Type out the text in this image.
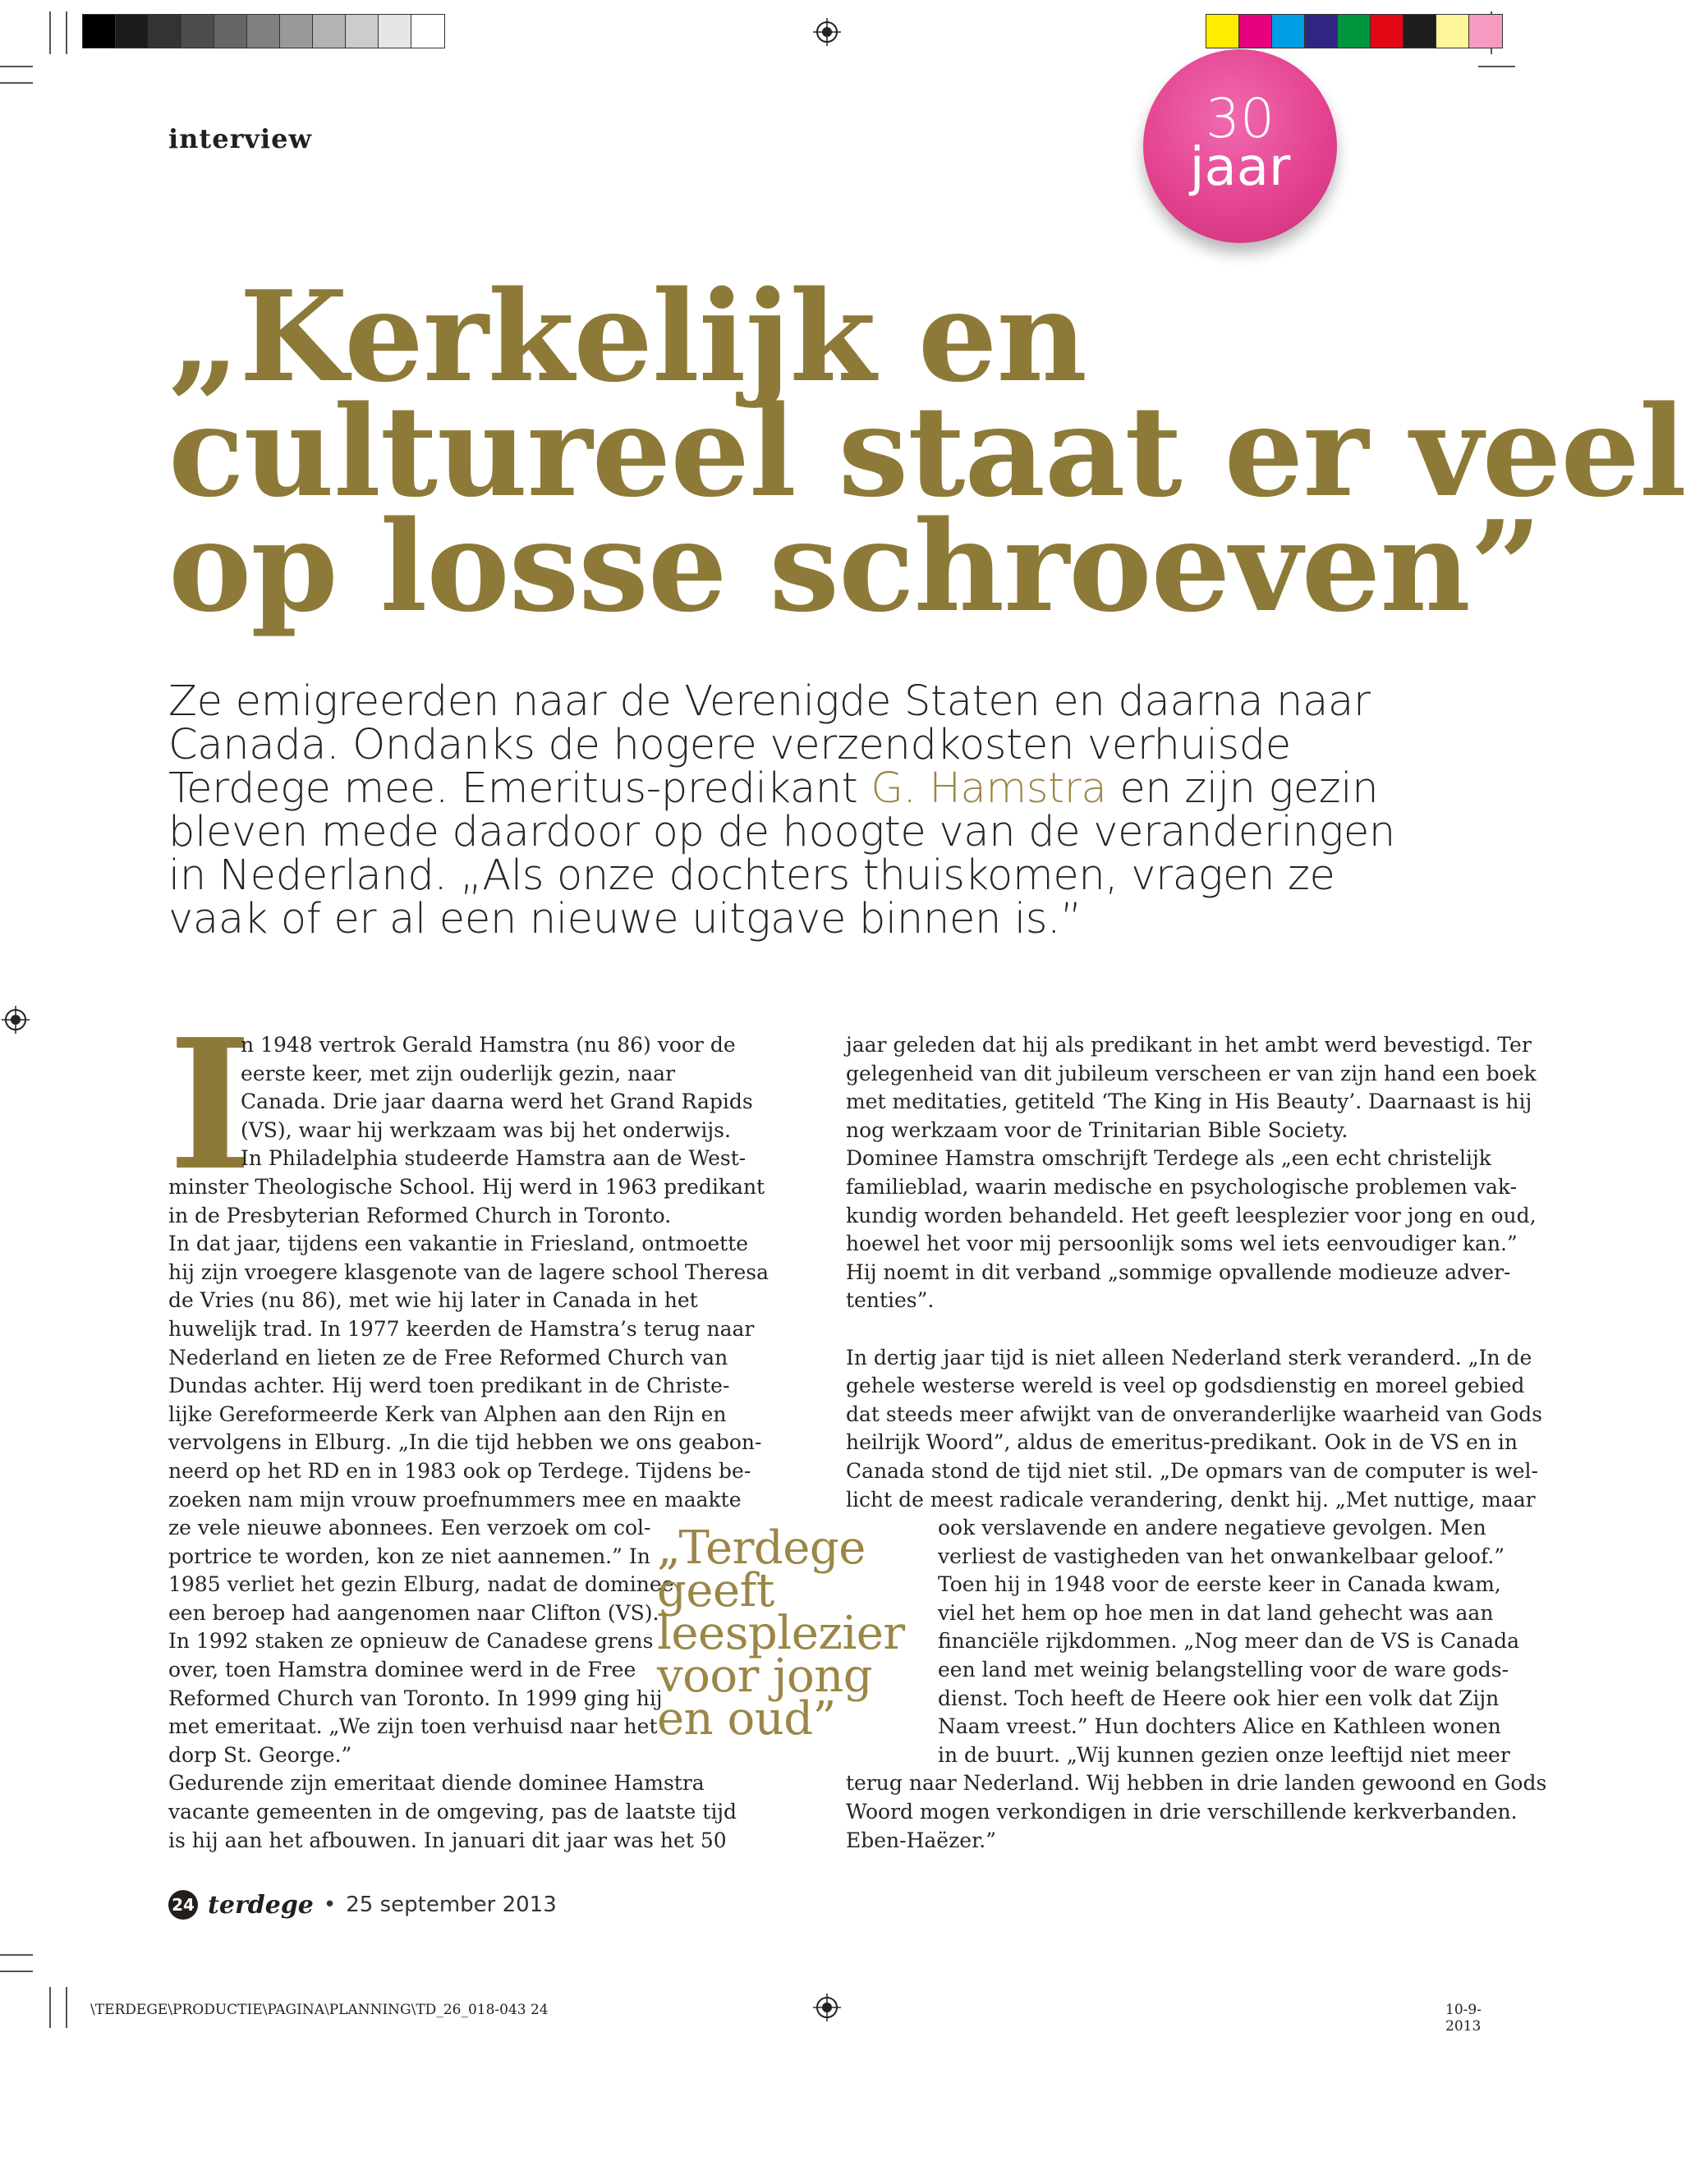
interview	30
jaar
„Kerkelijk en
cultureel staat er veel
op losse schroeven”
Ze emigreerden naar de Verenigde Staten en daarna naar
Canada. Ondanks de hogere verzendkosten verhuisde
Terdege mee. Emeritus-predikant G. Hamstra en zijn gezin
bleven mede daardoor op de hoogte van de veranderingen
in Nederland. „Als onze dochters thuiskomen, vragen ze
vaak of er al een nieuwe uitgave binnen is.”
I
n 1948 vertrok Gerald Hamstra (nu 86) voor de
eerste keer, met zijn ouderlijk gezin, naar
Canada. Drie jaar daarna werd het Grand Rapids
(VS), waar hij werkzaam was bij het onderwijs.
In Philadelphia studeerde Hamstra aan de West-
minster Theologische School. Hij werd in 1963 predikant
in de Presbyterian Reformed Church in Toronto.
In dat jaar, tijdens een vakantie in Friesland, ontmoette
hij zijn vroegere klasgenote van de lagere school Theresa
de Vries (nu 86), met wie hij later in Canada in het
huwelijk trad. In 1977 keerden de Hamstra’s terug naar
Nederland en lieten ze de Free Reformed Church van
Dundas achter. Hij werd toen predikant in de Christe-
lijke Gereformeerde Kerk van Alphen aan den Rijn en
vervolgens in Elburg. „In die tijd hebben we ons geabon-
neerd op het RD en in 1983 ook op Terdege. Tijdens be-
zoeken nam mijn vrouw proefnummers mee en maakte
ze vele nieuwe abonnees. Een verzoek om col-
portrice te worden, kon ze niet aannemen.” In
1985 verliet het gezin Elburg, nadat de dominee
een beroep had aangenomen naar Clifton (VS).
In 1992 staken ze opnieuw de Canadese grens
over, toen Hamstra dominee werd in de Free
Reformed Church van Toronto. In 1999 ging hij
met emeritaat. „We zijn toen verhuisd naar het
dorp St. George.”
Gedurende zijn emeritaat diende dominee Hamstra
vacante gemeenten in de omgeving, pas de laatste tijd
is hij aan het afbouwen. In januari dit jaar was het 50
jaar geleden dat hij als predikant in het ambt werd bevestigd. Ter
gelegenheid van dit jubileum verscheen er van zijn hand een boek
met meditaties, getiteld ‘The King in His Beauty’. Daarnaast is hij
nog werkzaam voor de Trinitarian Bible Society.
Dominee Hamstra omschrijft Terdege als „een echt christelijk
familieblad, waarin medische en psychologische problemen vak-
kundig worden behandeld. Het geeft leesplezier voor jong en oud,
hoewel het voor mij persoonlijk soms wel iets eenvoudiger kan.”
Hij noemt in dit verband „sommige opvallende modieuze adver-
tenties”.
In dertig jaar tijd is niet alleen Nederland sterk veranderd. „In de
gehele westerse wereld is veel op godsdienstig en moreel gebied
dat steeds meer afwijkt van de onveranderlijke waarheid van Gods
heilrijk Woord”, aldus de emeritus-predikant. Ook in de VS en in
Canada stond de tijd niet stil. „De opmars van de computer is wel-
licht de meest radicale verandering, denkt hij. „Met nuttige, maar
ook verslavende en andere negatieve gevolgen. Men
verliest de vastigheden van het onwankelbaar geloof.”
Toen hij in 1948 voor de eerste keer in Canada kwam,
viel het hem op hoe men in dat land gehecht was aan
financiële rijkdommen. „Nog meer dan de VS is Canada
een land met weinig belangstelling voor de ware gods-
dienst. Toch heeft de Heere ook hier een volk dat Zijn
Naam vreest.” Hun dochters Alice en Kathleen wonen
in de buurt. „Wij kunnen gezien onze leeftijd niet meer
terug naar Nederland. Wij hebben in drie landen gewoond en Gods
Woord mogen verkondigen in drie verschillende kerkverbanden.
Eben-Haëzer.”
„Terdege
geeft
leesplezier
voor jong
en oud”
24 terdege • 25 september 2013
\TERDEGE\PRODUCTIE\PAGINA\PLANNING\TD_26_018-043 24	10-9-2013
